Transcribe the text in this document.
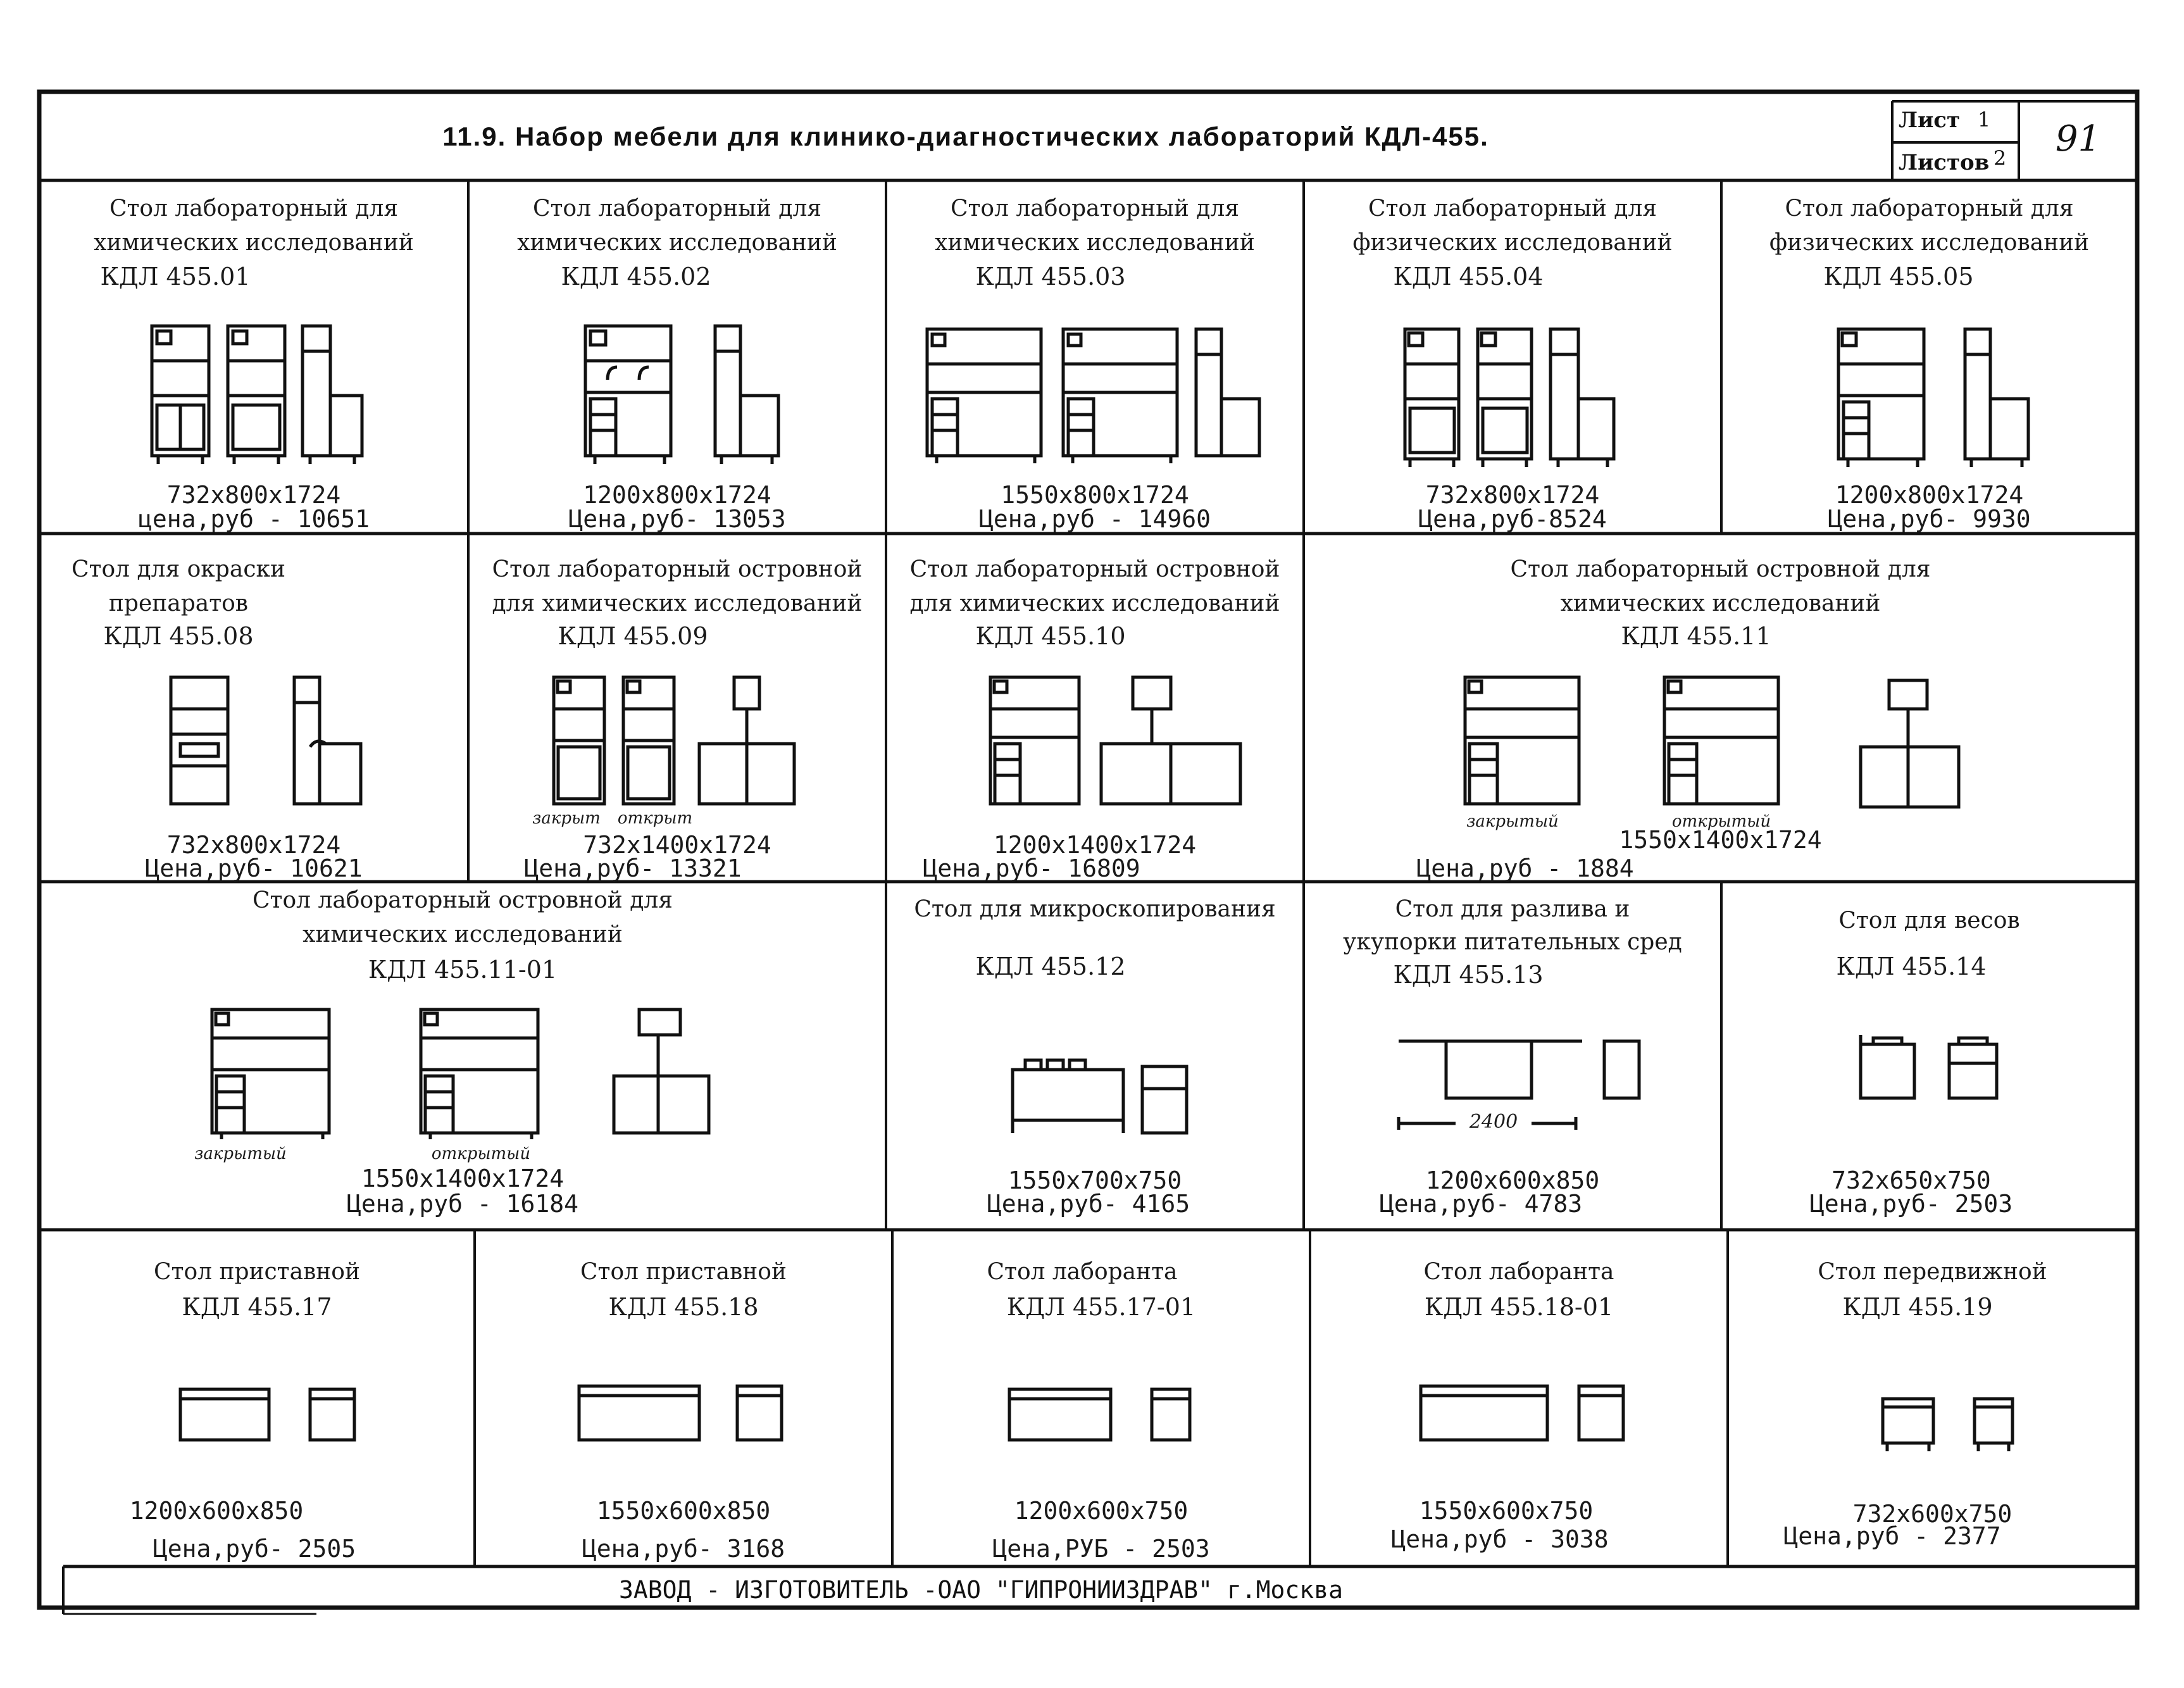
11.9. Набор мебели для клинико-диагностических лабораторий КДЛ-455.
Лист 1
Листов 2	91
Стол лабораторный для
химических исследований
КДЛ 455.01
732х800х1724
цена,руб - 10651
Стол лабораторный для
химических исследований
КДЛ 455.02
1200х800х1724
Цена,руб- 13053
Стол лабораторный для
химических исследований
КДЛ 455.03
1550х800х1724
Цена,руб - 14960
Стол лабораторный для
физических исследований
КДЛ 455.04
732х800х1724
Цена,руб-8524
Стол лабораторный для
физических исследований
КДЛ 455.05
1200х800х1724
Цена,руб- 9930
Стол для окраски
препаратов
КДЛ 455.08
732х800х1724
Цена,руб- 10621
Стол лабораторный островной
для химических исследований
КДЛ 455.09
закрыт	открыт
732х1400х1724
Цена,руб- 13321
Стол лабораторный островной
для химических исследований
КДЛ 455.10
1200х1400х1724
Цена,руб- 16809
Стол лабораторный островной для
химических исследований
КДЛ 455.11
закрытый	открытый
1550х1400х1724
Цена,руб - 1884
Стол лабораторный островной для
химических исследований
КДЛ 455.11-01
закрытый	открытый
1550х1400х1724
Цена,руб - 16184
Стол для микроскопирования
КДЛ 455.12
1550х700х750
Цена,руб- 4165
Стол для разлива и
укупорки питательных сред
КДЛ 455.13
2400
1200х600х850
Цена,руб- 4783
Стол для весов
КДЛ 455.14
732х650х750
Цена,руб- 2503
Стол приставной
КДЛ 455.17
1200х600х850
Цена,руб- 2505
Стол приставной
КДЛ 455.18
1550х600х850
Цена,руб- 3168
Стол лаборанта
КДЛ 455.17-01
1200х600х750
Цена,РУБ - 2503
Стол лаборанта
КДЛ 455.18-01
1550х600х750
Цена,руб - 3038
Стол передвижной
КДЛ 455.19
732х600х750
Цена,руб - 2377
ЗАВОД - ИЗГОТОВИТЕЛЬ -ОАО "ГИПРОНИИЗДРАВ" г.Москва
